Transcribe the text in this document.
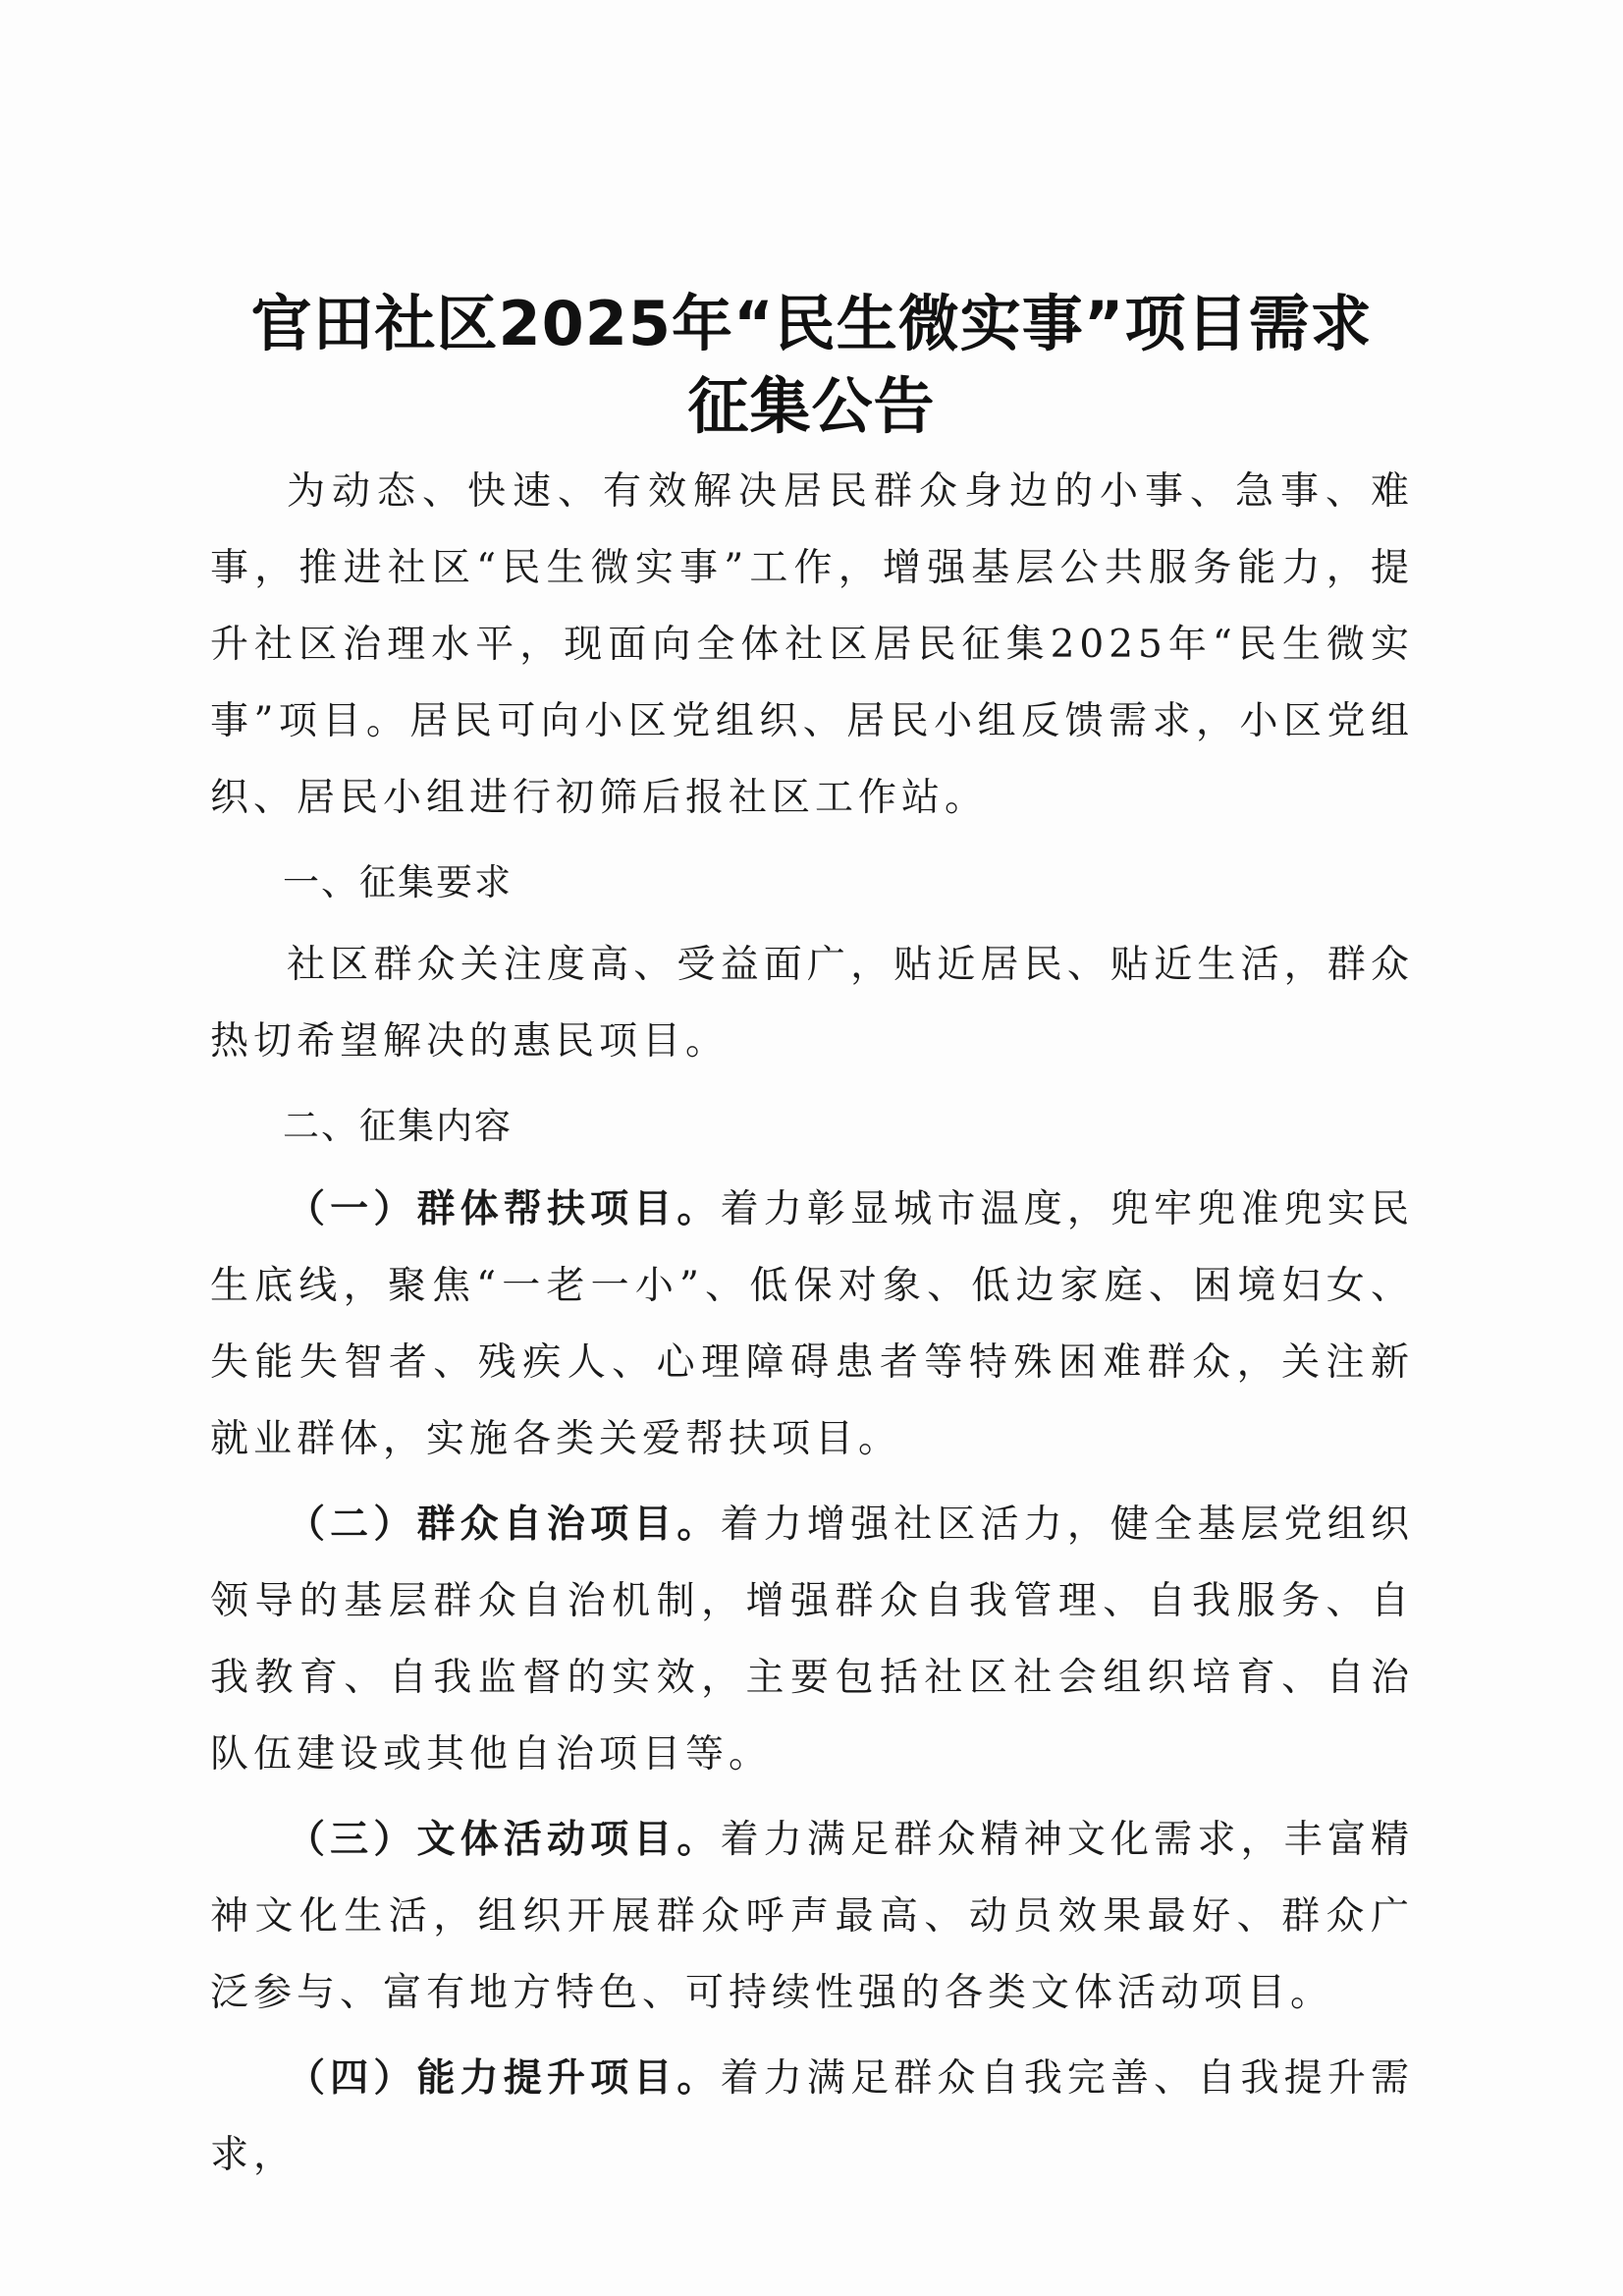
官田社区2025年“民生微实事”项目需求
征集公告

为动态、快速、有效解决居民群众身边的小事、急事、难事，推进社区“民生微实事”工作，增强基层公共服务能力，提升社区治理水平，现面向全体社区居民征集2025年“民生微实事”项目。居民可向小区党组织、居民小组反馈需求，小区党组织、居民小组进行初筛后报社区工作站。

一、征集要求

社区群众关注度高、受益面广，贴近居民、贴近生活，群众热切希望解决的惠民项目。

二、征集内容

（一）群体帮扶项目。着力彰显城市温度，兜牢兜准兜实民生底线，聚焦“一老一小”、低保对象、低边家庭、困境妇女、失能失智者、残疾人、心理障碍患者等特殊困难群众，关注新就业群体，实施各类关爱帮扶项目。

（二）群众自治项目。着力增强社区活力，健全基层党组织领导的基层群众自治机制，增强群众自我管理、自我服务、自我教育、自我监督的实效，主要包括社区社会组织培育、自治队伍建设或其他自治项目等。

（三）文体活动项目。着力满足群众精神文化需求，丰富精神文化生活，组织开展群众呼声最高、动员效果最好、群众广泛参与、富有地方特色、可持续性强的各类文体活动项目。

（四）能力提升项目。着力满足群众自我完善、自我提升需求，
